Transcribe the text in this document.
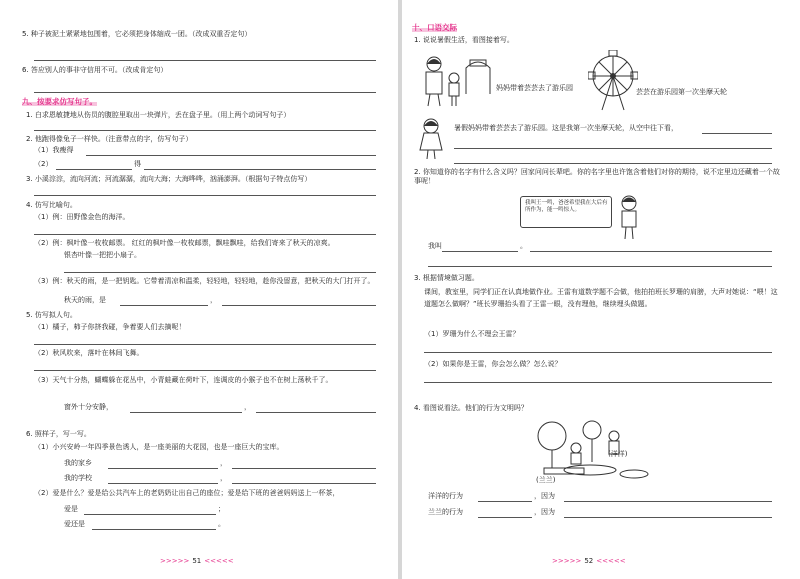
5. 种子被泥土紧紧地包围着，它必须把身体缩成一团。（改成双重否定句）
6. 答应别人的事非守信用不可。（改成肯定句）
九、按要求仿写句子。
1. 白求恩敏捷地从伤员的腹腔里取出一块弹片，丢在盘子里。（用上两个动词写句子）
2. 他跑得像兔子一样快。（注意带点的字，仿写句子）
（1）我瘦得
（2）	得
3. 小溪淙淙，流向河流；河流潺潺，流向大海；大海哗哗，汹涌澎湃。（根据句子特点仿写）
4. 仿写比喻句。
（1）例：田野像金色的海洋。
（2）例：枫叶像一枚枚邮票。 红红的枫叶像一枚枚邮票，飘哇飘哇，给我们寄来了秋天的凉爽。
银杏叶像一把把小扇子。
（3）例：秋天的雨，是一把钥匙。它带着清凉和温柔，轻轻地，轻轻地，趁你没留意，把秋天的大门打开了。
秋天的雨，是	，
5. 仿写拟人句。
（1）橘子，柿子你挤我碰，争着要人们去摘呢！
（2）秋风吹来，落叶在林间飞舞。
（3）天气十分热，蝴蝶躲在花丛中，小青蛙藏在荷叶下，连调皮的小猴子也不在树上荡秋千了。
窗外十分安静，	，
6. 照样子，写一写。
（1）小兴安岭一年四季景色诱人，是一座美丽的大花园，也是一座巨大的宝库。
我的家乡	，
我的学校	，
（2）爱是什么？爱是给公共汽车上的老奶奶让出自己的座位；爱是给下班的爸爸妈妈送上一杯茶，
爱是	；
爱还是	。
>>>>> 51 <<<<<
十、口语交际
1. 说说暑假生活，看图接着写。
妈妈带着芸芸去了游乐园	芸芸在游乐园第一次坐摩天轮
暑假妈妈带着芸芸去了游乐园。这是我第一次坐摩天轮，从空中往下看，
2. 你知道你的名字有什么含义吗？回家问问长辈吧。你的名字里也许饱含着他们对你的期待，说不定里边还藏着一个故事呢！
我叫王一鸣，爸爸希望我在大后有所作为，能一鸣惊人。
我叫	。
3. 根据情境做习题。
课间，教室里，同学们正在认真地做作业。王雷有道数学题不会做，他拍拍班长罗珊的肩膀，大声对她说：“喂！这道题怎么做啊？”班长罗珊抬头看了王雷一眼，没有理他，继续埋头做题。
（1）罗珊为什么不理会王雷？
（2）如果你是王雷，你会怎么做？怎么说？
4. 看图说看法。他们的行为文明吗？
(洋洋)
(兰兰)
洋洋的行为	，因为
兰兰的行为	，因为
>>>>> 52 <<<<<
